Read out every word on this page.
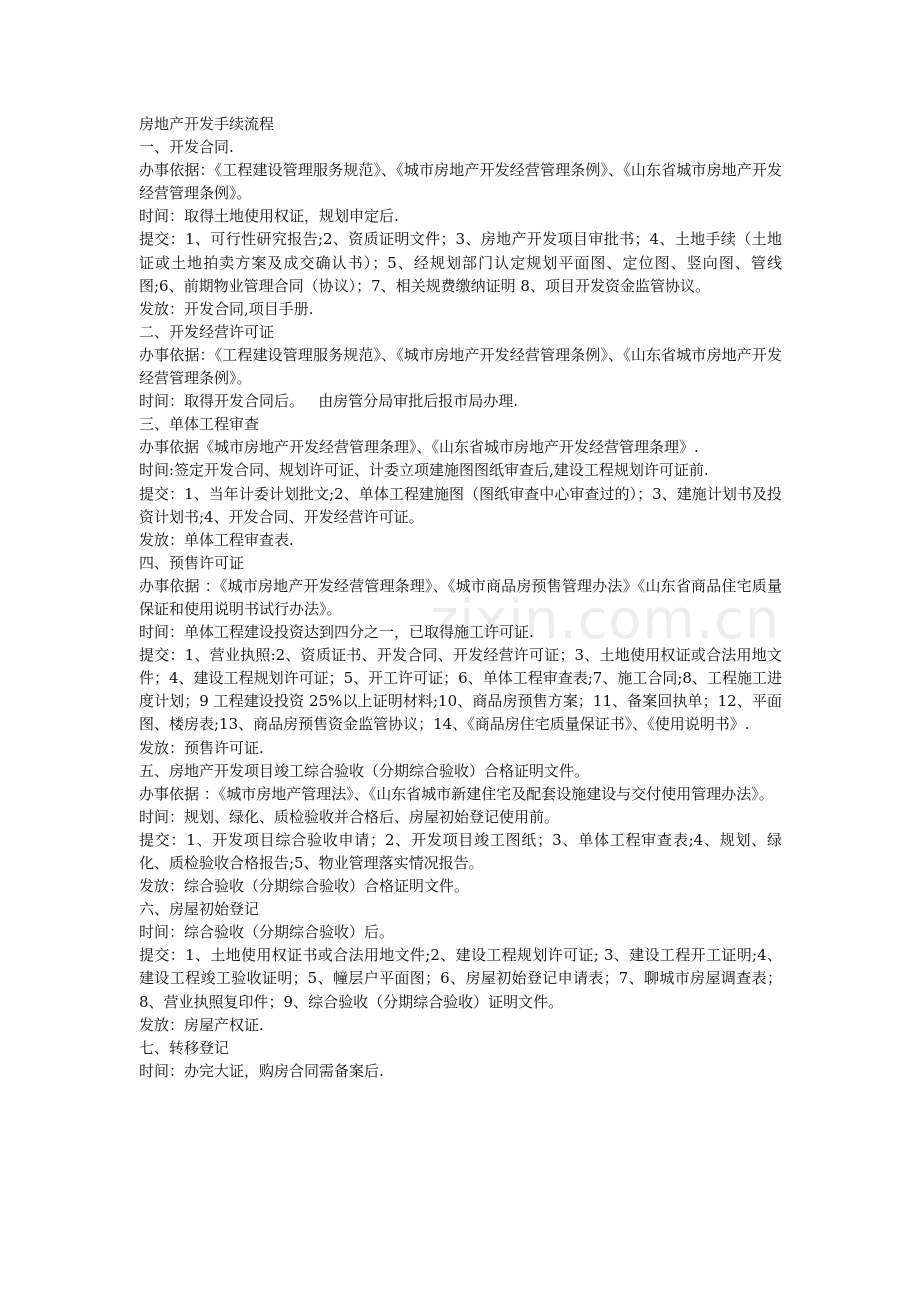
zixin.com.cn
房地产开发手续流程
一、开发合同.
办事依据：《工程建设管理服务规范》、《城市房地产开发经营管理条例》、《山东省城市房地产开发经营管理条例》。
时间：取得土地使用权证，规划申定后.
提交：1、可行性研究报告;2、资质证明文件；3、房地产开发项目审批书；4、土地手续（土地证或土地拍卖方案及成交确认书）；5、经规划部门认定规划平面图、定位图、竖向图、管线图;6、前期物业管理合同（协议）；7、相关规费缴纳证明 8、项目开发资金监管协议。
发放：开发合同,项目手册.
二、开发经营许可证
办事依据：《工程建设管理服务规范》、《城市房地产开发经营管理条例》、《山东省城市房地产开发经营管理条例》。
时间：取得开发合同后。   由房管分局审批后报市局办理.
三、单体工程审查
办事依据《城市房地产开发经营管理条理》、《山东省城市房地产开发经营管理条理》.
时间:签定开发合同、规划许可证、计委立项建施图图纸审查后,建设工程规划许可证前.
提交：1、当年计委计划批文;2、单体工程建施图（图纸审查中心审查过的）；3、建施计划书及投资计划书;4、开发合同、开发经营许可证。
发放：单体工程审查表.
四、预售许可证
办事依据 ：《城市房地产开发经营管理条理》、《城市商品房预售管理办法》《山东省商品住宅质量保证和使用说明书试行办法》。
时间：单体工程建设投资达到四分之一，已取得施工许可证.
提交：1、营业执照:2、资质证书、开发合同、开发经营许可证；3、土地使用权证或合法用地文件；4、建设工程规划许可证；5、开工许可证；6、单体工程审查表;7、施工合同;8、工程施工进度计划；9 工程建设投资 25%以上证明材料;10、商品房预售方案；11、备案回执单；12、平面图、楼房表;13、商品房预售资金监管协议；14、《商品房住宅质量保证书》、《使用说明书》.
发放：预售许可证.
五、房地产开发项目竣工综合验收（分期综合验收）合格证明文件。
办事依据 ：《城市房地产管理法》、《山东省城市新建住宅及配套设施建设与交付使用管理办法》。
时间：规划、绿化、质检验收并合格后、房屋初始登记使用前。
提交：1、开发项目综合验收申请；2、开发项目竣工图纸；3、单体工程审查表;4、规划、绿化、质检验收合格报告;5、物业管理落实情况报告。
发放：综合验收（分期综合验收）合格证明文件。
六、房屋初始登记
时间：综合验收（分期综合验收）后。
提交：1、土地使用权证书或合法用地文件;2、建设工程规划许可证; 3、建设工程开工证明;4、建设工程竣工验收证明；5、幢层户平面图；6、房屋初始登记申请表；7、聊城市房屋调查表；8、营业执照复印件；9、综合验收（分期综合验收）证明文件。
发放：房屋产权证.
七、转移登记
时间：办完大证，购房合同需备案后.
